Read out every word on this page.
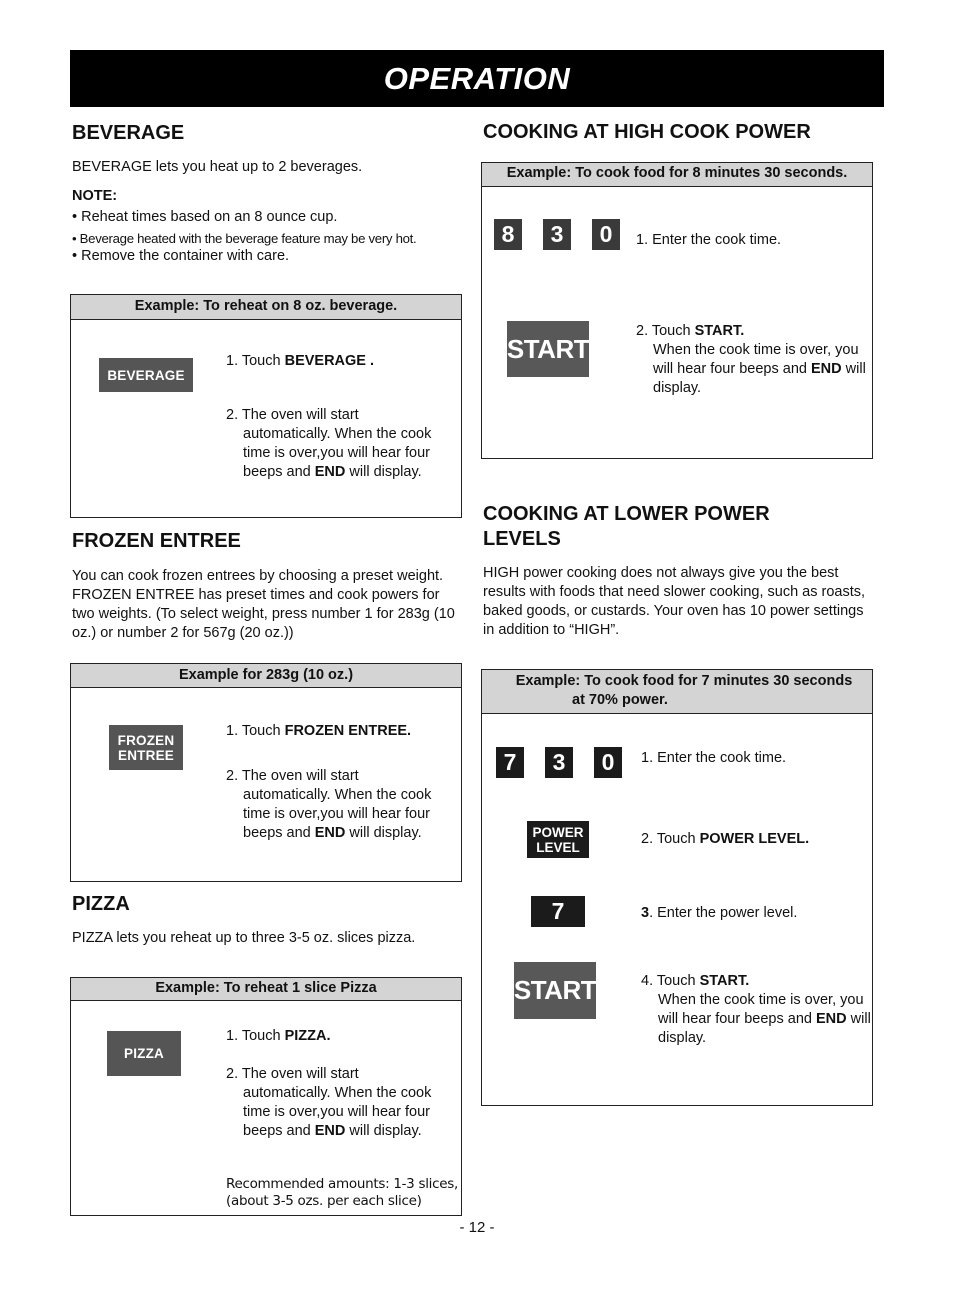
OPERATION
BEVERAGE
BEVERAGE lets you heat up to 2 beverages.
NOTE:
• Reheat times based on an 8 ounce cup.
• Beverage heated with the beverage feature may be very hot.
• Remove the container with care.
Example: To reheat on 8 oz. beverage.
BEVERAGE
1. Touch BEVERAGE .
2. The oven will start
automatically. When the cook time is over,you will hear four beeps and END will display.
FROZEN ENTREE
You can cook frozen entrees by choosing a preset weight. FROZEN ENTREE has preset times and cook powers for two weights. (To select weight, press number 1 for 283g (10 oz.) or number 2 for 567g (20 oz.))
Example for 283g (10 oz.)
FROZEN
ENTREE
1. Touch FROZEN ENTREE.
2. The oven will start
automatically. When the cook time is over,you will hear four beeps and END will display.
PIZZA
PIZZA lets you reheat up to three 3-5 oz. slices pizza.
Example: To reheat 1 slice Pizza
PIZZA
1. Touch PIZZA.
2. The oven will start
automatically. When the cook time is over,you will hear four beeps and END will display.
Recommended amounts: 1-3 slices,
(about 3-5 ozs. per each slice)
COOKING AT HIGH COOK POWER
Example: To cook food for 8 minutes 30 seconds.
8	3	0	1. Enter the cook time.
START
2. Touch START.
When the cook time is over, you will hear four beeps and END will display.
COOKING AT LOWER POWER
LEVELS
HIGH power cooking does not always give you the best results with foods that need slower cooking, such as roasts, baked goods, or custards. Your oven has 10 power settings in addition to “HIGH”.
Example: To cook food for 7 minutes 30 seconds
at 70% power.
7	3	0	1. Enter the cook time.
POWER
LEVEL	2. Touch POWER LEVEL.
7	3. Enter the power level.
START	4. Touch START.
When the cook time is over, you will hear four beeps and END will display.
- 12 -
